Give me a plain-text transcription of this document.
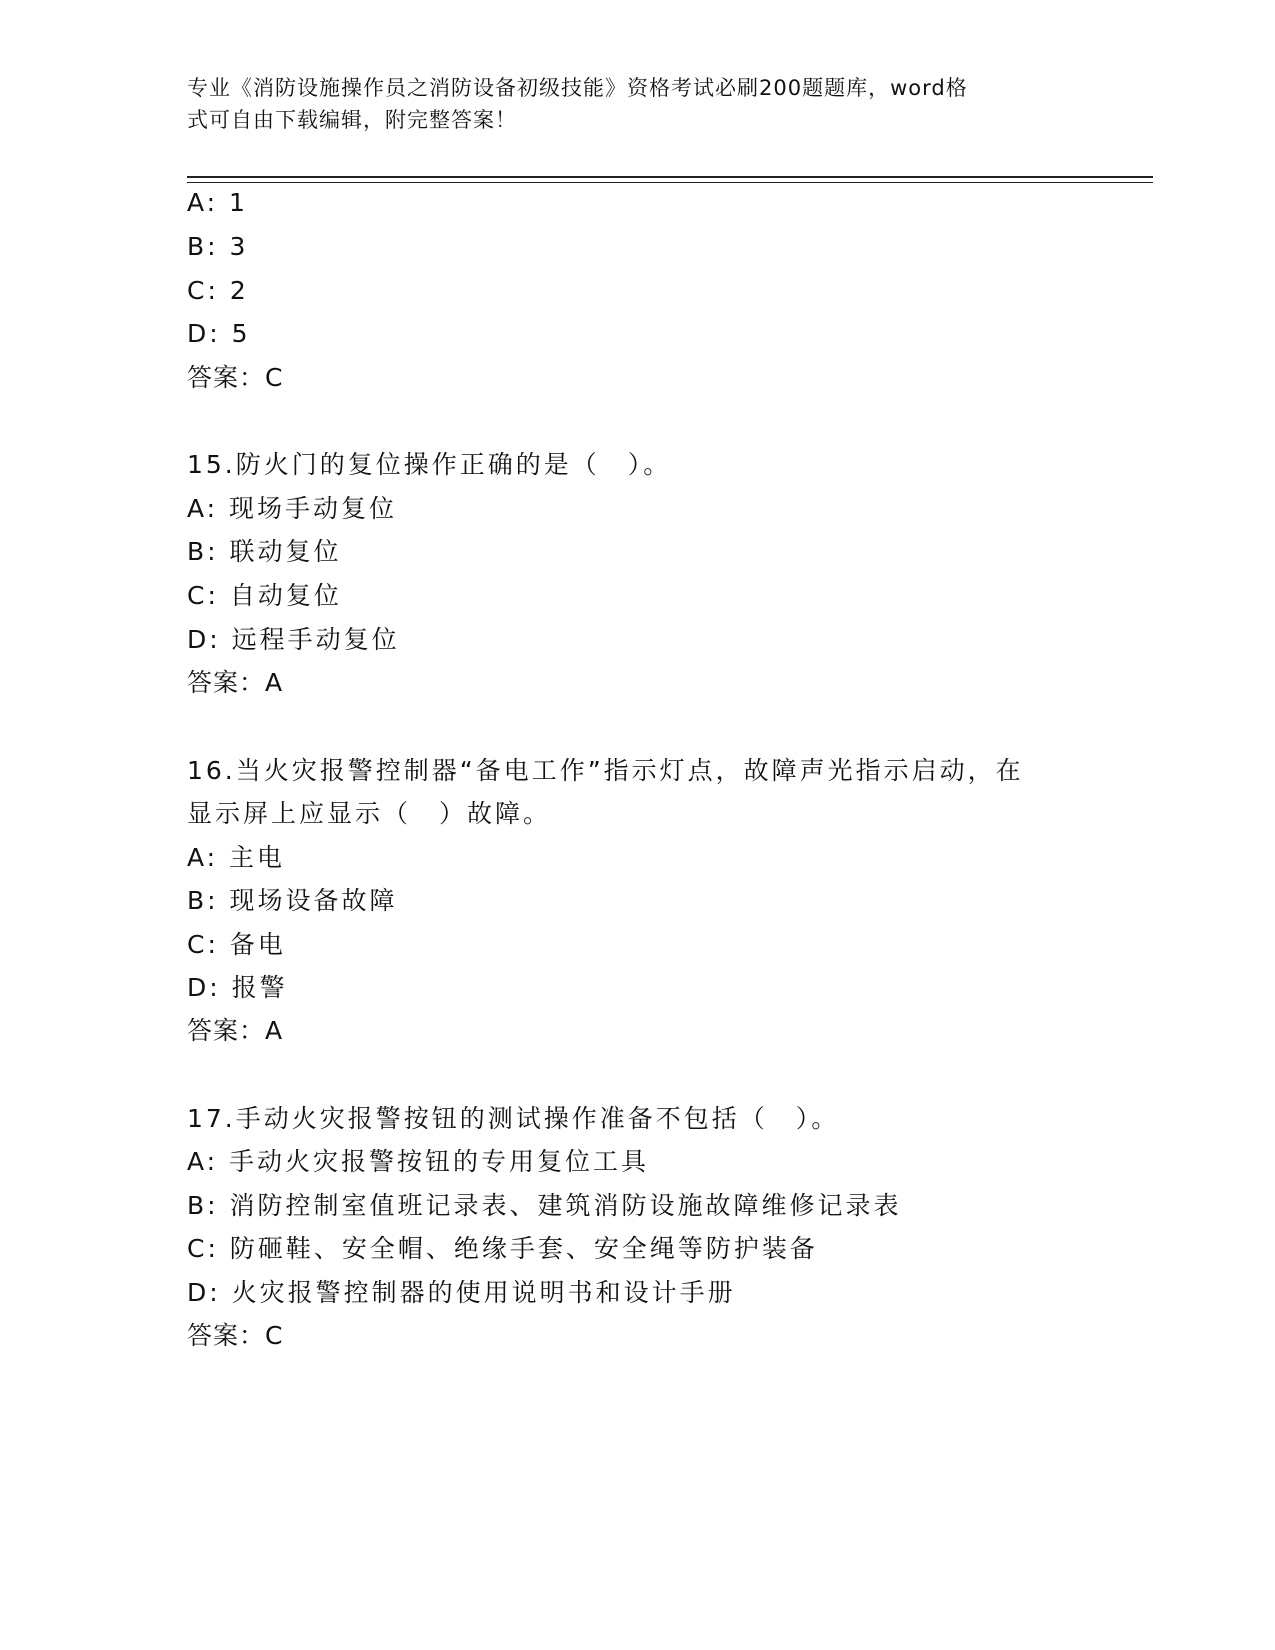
专业《消防设施操作员之消防设备初级技能》资格考试必刷200题题库，word格
式可自由下载编辑，附完整答案！
A: 1
B: 3
C: 2
D: 5
答案：C
15.防火门的复位操作正确的是（　）。
A: 现场手动复位
B: 联动复位
C: 自动复位
D: 远程手动复位
答案：A
16.当火灾报警控制器“备电工作”指示灯点，故障声光指示启动，在
显示屏上应显示（　）故障。
A: 主电
B: 现场设备故障
C: 备电
D: 报警
答案：A
17.手动火灾报警按钮的测试操作准备不包括（　）。
A: 手动火灾报警按钮的专用复位工具
B: 消防控制室值班记录表、建筑消防设施故障维修记录表
C: 防砸鞋、安全帽、绝缘手套、安全绳等防护装备
D: 火灾报警控制器的使用说明书和设计手册
答案：C
